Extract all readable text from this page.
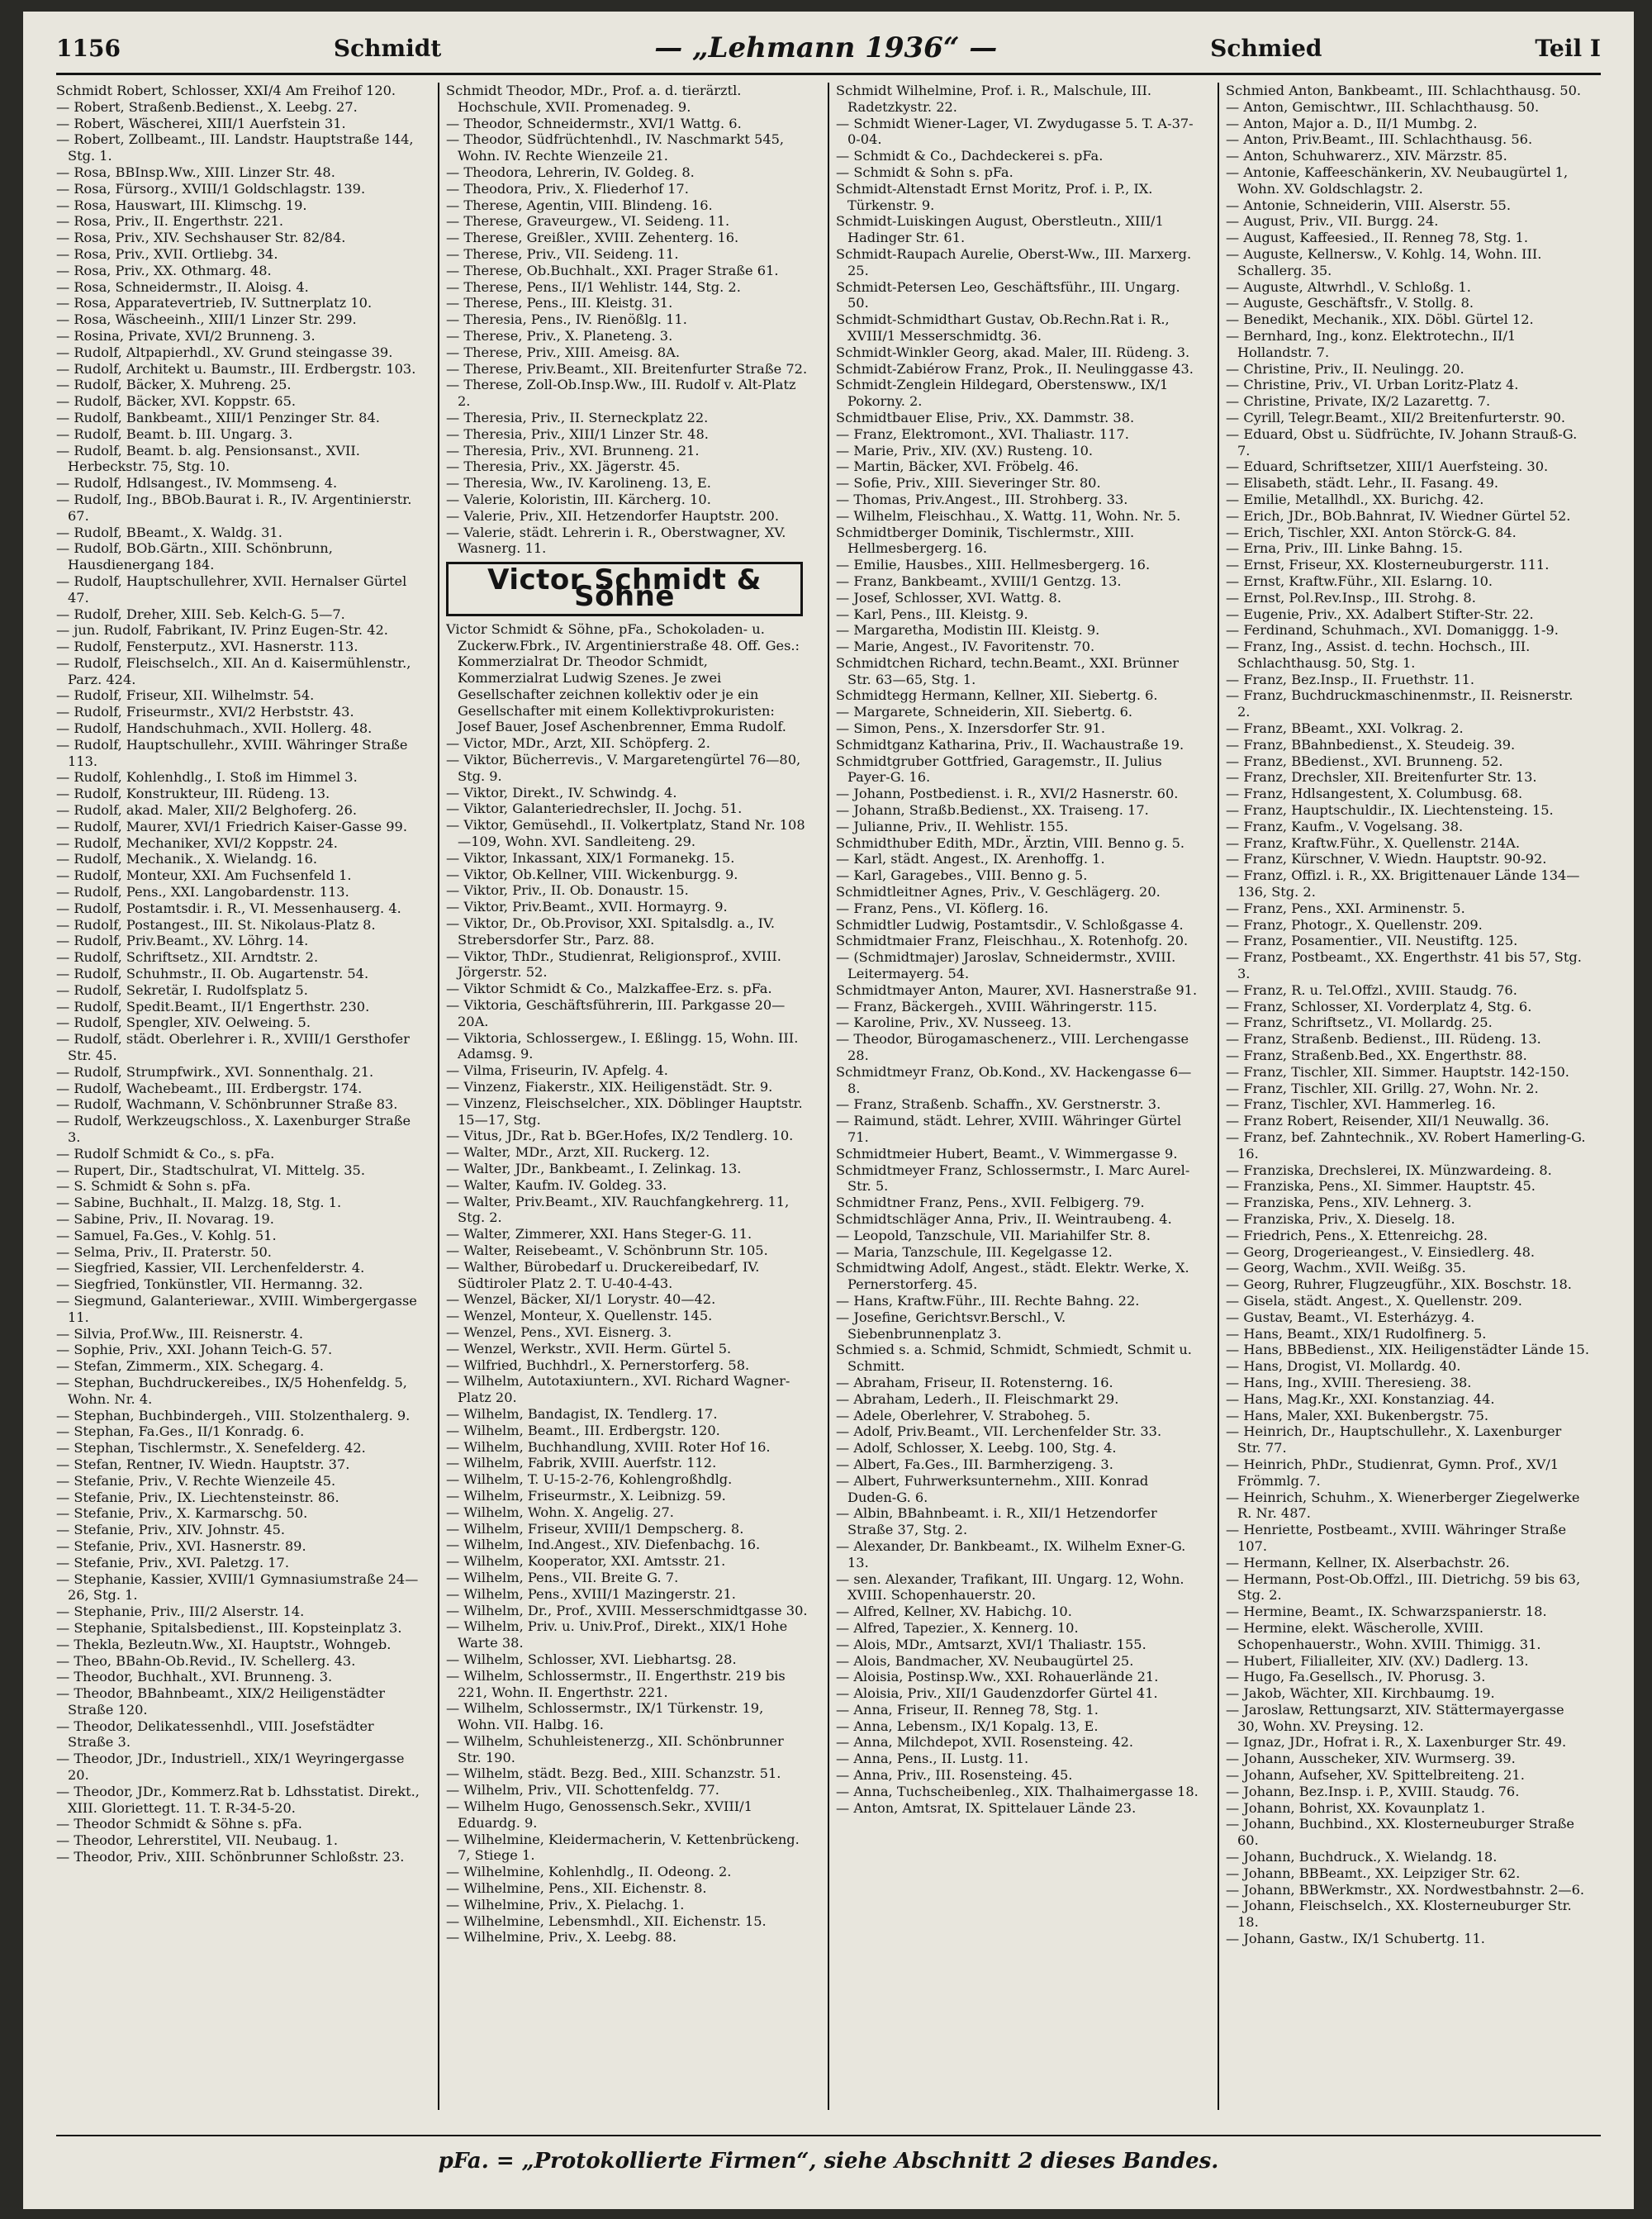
1156	Schmidt	— „Lehmann 1936“ —	Schmied	Teil I

Schmidt Robert, Schlosser, XXI/4 Am Freihof 120.

— Robert, Straßenb.Bedienst., X. Leebg. 27.

— Robert, Wäscherei, XIII/1 Auerfstein 31.

— Robert, Zollbeamt., III. Landstr. Hauptstraße 144, Stg. 1.

— Rosa, BBInsp.Ww., XIII. Linzer Str. 48.

— Rosa, Fürsorg., XVIII/1 Goldschlagstr. 139.

— Rosa, Hauswart, III. Klimschg. 19.

— Rosa, Priv., II. Engerthstr. 221.

— Rosa, Priv., XIV. Sechshauser Str. 82/84.

— Rosa, Priv., XVII. Ortliebg. 34.

— Rosa, Priv., XX. Othmarg. 48.

— Rosa, Schneidermstr., II. Aloisg. 4.

— Rosa, Apparatevertrieb, IV. Suttnerplatz 10.

— Rosa, Wäscheeinh., XIII/1 Linzer Str. 299.

— Rosina, Private, XVI/2 Brunneng. 3.

— Rudolf, Altpapierhdl., XV. Grund steingasse 39.

— Rudolf, Architekt u. Baumstr., III. Erdbergstr. 103.

— Rudolf, Bäcker, X. Muhreng. 25.

— Rudolf, Bäcker, XVI. Koppstr. 65.

— Rudolf, Bankbeamt., XIII/1 Penzinger Str. 84.

— Rudolf, Beamt. b. III. Ungarg. 3.

— Rudolf, Beamt. b. alg. Pensionsanst., XVII. Herbeckstr. 75, Stg. 10.

— Rudolf, Hdlsangest., IV. Mommseng. 4.

— Rudolf, Ing., BBOb.Baurat i. R., IV. Argentinierstr. 67.

— Rudolf, BBeamt., X. Waldg. 31.

— Rudolf, BOb.Gärtn., XIII. Schönbrunn, Hausdienergang 184.

— Rudolf, Hauptschullehrer, XVII. Hernalser Gürtel 47.

— Rudolf, Dreher, XIII. Seb. Kelch-G. 5—7.

— jun. Rudolf, Fabrikant, IV. Prinz Eugen-Str. 42.

— Rudolf, Fensterputz., XVI. Hasnerstr. 113.

— Rudolf, Fleischselch., XII. An d. Kaisermühlenstr., Parz. 424.

— Rudolf, Friseur, XII. Wilhelmstr. 54.

— Rudolf, Friseurmstr., XVI/2 Herbststr. 43.

— Rudolf, Handschuhmach., XVII. Hollerg. 48.

— Rudolf, Hauptschullehr., XVIII. Währinger Straße 113.

— Rudolf, Kohlenhdlg., I. Stoß im Himmel 3.

— Rudolf, Konstrukteur, III. Rüdeng. 13.

— Rudolf, akad. Maler, XII/2 Belghoferg. 26.

— Rudolf, Maurer, XVI/1 Friedrich Kaiser-Gasse 99.

— Rudolf, Mechaniker, XVI/2 Koppstr. 24.

— Rudolf, Mechanik., X. Wielandg. 16.

— Rudolf, Monteur, XXI. Am Fuchsenfeld 1.

— Rudolf, Pens., XXI. Langobardenstr. 113.

— Rudolf, Postamtsdir. i. R., VI. Messenhauserg. 4.

— Rudolf, Postangest., III. St. Nikolaus-Platz 8.

— Rudolf, Priv.Beamt., XV. Löhrg. 14.

— Rudolf, Schriftsetz., XII. Arndtstr. 2.

— Rudolf, Schuhmstr., II. Ob. Augartenstr. 54.

— Rudolf, Sekretär, I. Rudolfsplatz 5.

— Rudolf, Spedit.Beamt., II/1 Engerthstr. 230.

— Rudolf, Spengler, XIV. Oelweing. 5.

— Rudolf, städt. Oberlehrer i. R., XVIII/1 Gersthofer Str. 45.

— Rudolf, Strumpfwirk., XVI. Sonnenthalg. 21.

— Rudolf, Wachebeamt., III. Erdbergstr. 174.

— Rudolf, Wachmann, V. Schönbrunner Straße 83.

— Rudolf, Werkzeugschloss., X. Laxenburger Straße 3.

— Rudolf Schmidt & Co., s. pFa.

— Rupert, Dir., Stadtschulrat, VI. Mittelg. 35.

— S. Schmidt & Sohn s. pFa.

— Sabine, Buchhalt., II. Malzg. 18, Stg. 1.

— Sabine, Priv., II. Novarag. 19.

— Samuel, Fa.Ges., V. Kohlg. 51.

— Selma, Priv., II. Praterstr. 50.

— Siegfried, Kassier, VII. Lerchenfelderstr. 4.

— Siegfried, Tonkünstler, VII. Hermanng. 32.

— Siegmund, Galanteriewar., XVIII. Wimbergergasse 11.

— Silvia, Prof.Ww., III. Reisnerstr. 4.

— Sophie, Priv., XXI. Johann Teich-G. 57.

— Stefan, Zimmerm., XIX. Schegarg. 4.

— Stephan, Buchdruckereibes., IX/5 Hohenfeldg. 5, Wohn. Nr. 4.

— Stephan, Buchbindergeh., VIII. Stolzenthalerg. 9.

— Stephan, Fa.Ges., II/1 Konradg. 6.

— Stephan, Tischlermstr., X. Senefelderg. 42.

— Stefan, Rentner, IV. Wiedn. Hauptstr. 37.

— Stefanie, Priv., V. Rechte Wienzeile 45.

— Stefanie, Priv., IX. Liechtensteinstr. 86.

— Stefanie, Priv., X. Karmarschg. 50.

— Stefanie, Priv., XIV. Johnstr. 45.

— Stefanie, Priv., XVI. Hasnerstr. 89.

— Stefanie, Priv., XVI. Paletzg. 17.

— Stephanie, Kassier, XVIII/1 Gymnasiumstraße 24—26, Stg. 1.

— Stephanie, Priv., III/2 Alserstr. 14.

— Stephanie, Spitalsbedienst., III. Kopsteinplatz 3.

— Thekla, Bezleutn.Ww., XI. Hauptstr., Wohngeb.

— Theo, BBahn-Ob.Revid., IV. Schellerg. 43.

— Theodor, Buchhalt., XVI. Brunneng. 3.

— Theodor, BBahnbeamt., XIX/2 Heiligenstädter Straße 120.

— Theodor, Delikatessenhdl., VIII. Josefstädter Straße 3.

— Theodor, JDr., Industriell., XIX/1 Weyringergasse 20.

— Theodor, JDr., Kommerz.Rat b. Ldhsstatist. Direkt., XIII. Gloriettegt. 11. T. R-34-5-20.

— Theodor Schmidt & Söhne s. pFa.

— Theodor, Lehrerstitel, VII. Neubaug. 1.

— Theodor, Priv., XIII. Schönbrunner Schloßstr. 23.

Schmidt Theodor, MDr., Prof. a. d. tierärztl. Hochschule, XVII. Promenadeg. 9.

— Theodor, Schneidermstr., XVI/1 Wattg. 6.

— Theodor, Südfrüchtenhdl., IV. Naschmarkt 545, Wohn. IV. Rechte Wienzeile 21.

— Theodora, Lehrerin, IV. Goldeg. 8.

— Theodora, Priv., X. Fliederhof 17.

— Therese, Agentin, VIII. Blindeng. 16.

— Therese, Graveurgew., VI. Seideng. 11.

— Therese, Greißler., XVIII. Zehenterg. 16.

— Therese, Priv., VII. Seideng. 11.

— Therese, Ob.Buchhalt., XXI. Prager Straße 61.

— Therese, Pens., II/1 Wehlistr. 144, Stg. 2.

— Therese, Pens., III. Kleistg. 31.

— Theresia, Pens., IV. Rienößlg. 11.

— Therese, Priv., X. Planeteng. 3.

— Therese, Priv., XIII. Ameisg. 8A.

— Therese, Priv.Beamt., XII. Breitenfurter Straße 72.

— Therese, Zoll-Ob.Insp.Ww., III. Rudolf v. Alt-Platz 2.

— Theresia, Priv., II. Sterneckplatz 22.

— Theresia, Priv., XIII/1 Linzer Str. 48.

— Theresia, Priv., XVI. Brunneng. 21.

— Theresia, Priv., XX. Jägerstr. 45.

— Theresia, Ww., IV. Karolineng. 13, E.

— Valerie, Koloristin, III. Kärcherg. 10.

— Valerie, Priv., XII. Hetzendorfer Hauptstr. 200.

— Valerie, städt. Lehrerin i. R., Oberstwagner, XV. Wasnerg. 11.

Victor Schmidt & Söhne

Victor Schmidt & Söhne, pFa., Schokoladen- u. Zuckerw.Fbrk., IV. Argentinierstraße 48. Off. Ges.: Kommerzialrat Dr. Theodor Schmidt, Kommerzialrat Ludwig Szenes. Je zwei Gesellschafter zeichnen kollektiv oder je ein Gesellschafter mit einem Kollektivprokuristen: Josef Bauer, Josef Aschenbrenner, Emma Rudolf.

— Victor, MDr., Arzt, XII. Schöpferg. 2.

— Viktor, Bücherrevis., V. Margaretengürtel 76—80, Stg. 9.

— Viktor, Direkt., IV. Schwindg. 4.

— Viktor, Galanteriedrechsler, II. Jochg. 51.

— Viktor, Gemüsehdl., II. Volkertplatz, Stand Nr. 108—109, Wohn. XVI. Sandleiteng. 29.

— Viktor, Inkassant, XIX/1 Formanekg. 15.

— Viktor, Ob.Kellner, VIII. Wickenburgg. 9.

— Viktor, Priv., II. Ob. Donaustr. 15.

— Viktor, Priv.Beamt., XVII. Hormayrg. 9.

— Viktor, Dr., Ob.Provisor, XXI. Spitalsdlg. a., IV. Strebersdorfer Str., Parz. 88.

— Viktor, ThDr., Studienrat, Religionsprof., XVIII. Jörgerstr. 52.

— Viktor Schmidt & Co., Malzkaffee-Erz. s. pFa.

— Viktoria, Geschäftsführerin, III. Parkgasse 20—20A.

— Viktoria, Schlossergew., I. Eßlingg. 15, Wohn. III. Adamsg. 9.

— Vilma, Friseurin, IV. Apfelg. 4.

— Vinzenz, Fiakerstr., XIX. Heiligenstädt. Str. 9.

— Vinzenz, Fleischselcher., XIX. Döblinger Hauptstr. 15—17, Stg.

— Vitus, JDr., Rat b. BGer.Hofes, IX/2 Tendlerg. 10.

— Walter, MDr., Arzt, XII. Ruckerg. 12.

— Walter, JDr., Bankbeamt., I. Zelinkag. 13.

— Walter, Kaufm. IV. Goldeg. 33.

— Walter, Priv.Beamt., XIV. Rauchfangkehrerg. 11, Stg. 2.

— Walter, Zimmerer, XXI. Hans Steger-G. 11.

— Walter, Reisebeamt., V. Schönbrunn Str. 105.

— Walther, Bürobedarf u. Druckereibedarf, IV. Südtiroler Platz 2. T. U-40-4-43.

— Wenzel, Bäcker, XI/1 Lorystr. 40—42.

— Wenzel, Monteur, X. Quellenstr. 145.

— Wenzel, Pens., XVI. Eisnerg. 3.

— Wenzel, Werkstr., XVII. Herm. Gürtel 5.

— Wilfried, Buchhdrl., X. Pernerstorferg. 58.

— Wilhelm, Autotaxiuntern., XVI. Richard Wagner-Platz 20.

— Wilhelm, Bandagist, IX. Tendlerg. 17.

— Wilhelm, Beamt., III. Erdbergstr. 120.

— Wilhelm, Buchhandlung, XVIII. Roter Hof 16.

— Wilhelm, Fabrik, XVIII. Auerfstr. 112.

— Wilhelm, T. U-15-2-76, Kohlengroßhdlg.

— Wilhelm, Friseurmstr., X. Leibnizg. 59.

— Wilhelm, Wohn. X. Angelig. 27.

— Wilhelm, Friseur, XVIII/1 Dempscherg. 8.

— Wilhelm, Ind.Angest., XIV. Diefenbachg. 16.

— Wilhelm, Kooperator, XXI. Amtsstr. 21.

— Wilhelm, Pens., VII. Breite G. 7.

— Wilhelm, Pens., XVIII/1 Mazingerstr. 21.

— Wilhelm, Dr., Prof., XVIII. Messerschmidtgasse 30.

— Wilhelm, Priv. u. Univ.Prof., Direkt., XIX/1 Hohe Warte 38.

— Wilhelm, Schlosser, XVI. Liebhartsg. 28.

— Wilhelm, Schlossermstr., II. Engerthstr. 219 bis 221, Wohn. II. Engerthstr. 221.

— Wilhelm, Schlossermstr., IX/1 Türkenstr. 19, Wohn. VII. Halbg. 16.

— Wilhelm, Schuhleistenerzg., XII. Schönbrunner Str. 190.

— Wilhelm, städt. Bezg. Bed., XIII. Schanzstr. 51.

— Wilhelm, Priv., VII. Schottenfeldg. 77.

— Wilhelm Hugo, Genossensch.Sekr., XVIII/1 Eduardg. 9.

— Wilhelmine, Kleidermacherin, V. Kettenbrückeng. 7, Stiege 1.

— Wilhelmine, Kohlenhdlg., II. Odeong. 2.

— Wilhelmine, Pens., XII. Eichenstr. 8.

— Wilhelmine, Priv., X. Pielachg. 1.

— Wilhelmine, Lebensmhdl., XII. Eichenstr. 15.

— Wilhelmine, Priv., X. Leebg. 88.

Schmidt Wilhelmine, Prof. i. R., Malschule, III. Radetzkystr. 22.

— Schmidt Wiener-Lager, VI. Zwydugasse 5. T. A-37-0-04.

— Schmidt & Co., Dachdeckerei s. pFa.

— Schmidt & Sohn s. pFa.

Schmidt-Altenstadt Ernst Moritz, Prof. i. P., IX. Türkenstr. 9.

Schmidt-Luiskingen August, Oberstleutn., XIII/1 Hadinger Str. 61.

Schmidt-Raupach Aurelie, Oberst-Ww., III. Marxerg. 25.

Schmidt-Petersen Leo, Geschäftsführ., III. Ungarg. 50.

Schmidt-Schmidthart Gustav, Ob.Rechn.Rat i. R., XVIII/1 Messerschmidtg. 36.

Schmidt-Winkler Georg, akad. Maler, III. Rüdeng. 3.

Schmidt-Zabiérow Franz, Prok., II. Neulinggasse 43.

Schmidt-Zenglein Hildegard, Oberstensww., IX/1 Pokorny. 2.

Schmidtbauer Elise, Priv., XX. Dammstr. 38.

— Franz, Elektromont., XVI. Thaliastr. 117.

— Marie, Priv., XIV. (XV.) Rusteng. 10.

— Martin, Bäcker, XVI. Fröbelg. 46.

— Sofie, Priv., XIII. Sieveringer Str. 80.

— Thomas, Priv.Angest., III. Strohberg. 33.

— Wilhelm, Fleischhau., X. Wattg. 11, Wohn. Nr. 5.

Schmidtberger Dominik, Tischlermstr., XIII. Hellmesbergerg. 16.

— Emilie, Hausbes., XIII. Hellmesbergerg. 16.

— Franz, Bankbeamt., XVIII/1 Gentzg. 13.

— Josef, Schlosser, XVI. Wattg. 8.

— Karl, Pens., III. Kleistg. 9.

— Margaretha, Modistin III. Kleistg. 9.

— Marie, Angest., IV. Favoritenstr. 70.

Schmidtchen Richard, techn.Beamt., XXI. Brünner Str. 63—65, Stg. 1.

Schmidtegg Hermann, Kellner, XII. Siebertg. 6.

— Margarete, Schneiderin, XII. Siebertg. 6.

— Simon, Pens., X. Inzersdorfer Str. 91.

Schmidtganz Katharina, Priv., II. Wachaustraße 19.

Schmidtgruber Gottfried, Garagemstr., II. Julius Payer-G. 16.

— Johann, Postbedienst. i. R., XVI/2 Hasnerstr. 60.

— Johann, Straßb.Bedienst., XX. Traiseng. 17.

— Julianne, Priv., II. Wehlistr. 155.

Schmidthuber Edith, MDr., Ärztin, VIII. Benno g. 5.

— Karl, städt. Angest., IX. Arenhoffg. 1.

— Karl, Garagebes., VIII. Benno g. 5.

Schmidtleitner Agnes, Priv., V. Geschlägerg. 20.

— Franz, Pens., VI. Köflerg. 16.

Schmidtler Ludwig, Postamtsdir., V. Schloßgasse 4.

Schmidtmaier Franz, Fleischhau., X. Rotenhofg. 20.

— (Schmidtmajer) Jaroslav, Schneidermstr., XVIII. Leitermayerg. 54.

Schmidtmayer Anton, Maurer, XVI. Hasnerstraße 91.

— Franz, Bäckergeh., XVIII. Währingerstr. 115.

— Karoline, Priv., XV. Nusseeg. 13.

— Theodor, Bürogamaschenerz., VIII. Lerchengasse 28.

Schmidtmeyr Franz, Ob.Kond., XV. Hackengasse 6—8.

— Franz, Straßenb. Schaffn., XV. Gerstnerstr. 3.

— Raimund, städt. Lehrer, XVIII. Währinger Gürtel 71.

Schmidtmeier Hubert, Beamt., V. Wimmergasse 9.

Schmidtmeyer Franz, Schlossermstr., I. Marc Aurel-Str. 5.

Schmidtner Franz, Pens., XVII. Felbigerg. 79.

Schmidtschläger Anna, Priv., II. Weintraubeng. 4.

— Leopold, Tanzschule, VII. Mariahilfer Str. 8.

— Maria, Tanzschule, III. Kegelgasse 12.

Schmidtwing Adolf, Angest., städt. Elektr. Werke, X. Pernerstorferg. 45.

— Hans, Kraftw.Führ., III. Rechte Bahng. 22.

— Josefine, Gerichtsvr.Berschl., V. Siebenbrunnenplatz 3.

Schmied s. a. Schmid, Schmidt, Schmiedt, Schmit u. Schmitt.

— Abraham, Friseur, II. Rotensterng. 16.

— Abraham, Lederh., II. Fleischmarkt 29.

— Adele, Oberlehrer, V. Straboheg. 5.

— Adolf, Priv.Beamt., VII. Lerchenfelder Str. 33.

— Adolf, Schlosser, X. Leebg. 100, Stg. 4.

— Albert, Fa.Ges., III. Barmherzigeng. 3.

— Albert, Fuhrwerksunternehm., XIII. Konrad Duden-G. 6.

— Albin, BBahnbeamt. i. R., XII/1 Hetzendorfer Straße 37, Stg. 2.

— Alexander, Dr. Bankbeamt., IX. Wilhelm Exner-G. 13.

— sen. Alexander, Trafikant, III. Ungarg. 12, Wohn. XVIII. Schopenhauerstr. 20.

— Alfred, Kellner, XV. Habichg. 10.

— Alfred, Tapezier., X. Kennerg. 10.

— Alois, MDr., Amtsarzt, XVI/1 Thaliastr. 155.

— Alois, Bandmacher, XV. Neubaugürtel 25.

— Aloisia, Postinsp.Ww., XXI. Rohauerlände 21.

— Aloisia, Priv., XII/1 Gaudenzdorfer Gürtel 41.

— Anna, Friseur, II. Renneg 78, Stg. 1.

— Anna, Lebensm., IX/1 Kopalg. 13, E.

— Anna, Milchdepot, XVII. Rosensteing. 42.

— Anna, Pens., II. Lustg. 11.

— Anna, Priv., III. Rosensteing. 45.

— Anna, Tuchscheibenleg., XIX. Thalhaimergasse 18.

— Anton, Amtsrat, IX. Spittelauer Lände 23.

Schmied Anton, Bankbeamt., III. Schlachthausg. 50.

— Anton, Gemischtwr., III. Schlachthausg. 50.

— Anton, Major a. D., II/1 Mumbg. 2.

— Anton, Priv.Beamt., III. Schlachthausg. 56.

— Anton, Schuhwarerz., XIV. Märzstr. 85.

— Antonie, Kaffeeschänkerin, XV. Neubaugürtel 1, Wohn. XV. Goldschlagstr. 2.

— Antonie, Schneiderin, VIII. Alserstr. 55.

— August, Priv., VII. Burgg. 24.

— August, Kaffeesied., II. Renneg 78, Stg. 1.

— Auguste, Kellnersw., V. Kohlg. 14, Wohn. III. Schallerg. 35.

— Auguste, Altwrhdl., V. Schloßg. 1.

— Auguste, Geschäftsfr., V. Stollg. 8.

— Benedikt, Mechanik., XIX. Döbl. Gürtel 12.

— Bernhard, Ing., konz. Elektrotechn., II/1 Hollandstr. 7.

— Christine, Priv., II. Neulingg. 20.

— Christine, Priv., VI. Urban Loritz-Platz 4.

— Christine, Private, IX/2 Lazarettg. 7.

— Cyrill, Telegr.Beamt., XII/2 Breitenfurterstr. 90.

— Eduard, Obst u. Südfrüchte, IV. Johann Strauß-G. 7.

— Eduard, Schriftsetzer, XIII/1 Auerfsteing. 30.

— Elisabeth, städt. Lehr., II. Fasang. 49.

— Emilie, Metallhdl., XX. Burichg. 42.

— Erich, JDr., BOb.Bahnrat, IV. Wiedner Gürtel 52.

— Erich, Tischler, XXI. Anton Störck-G. 84.

— Erna, Priv., III. Linke Bahng. 15.

— Ernst, Friseur, XX. Klosterneuburgerstr. 111.

— Ernst, Kraftw.Führ., XII. Eslarng. 10.

— Ernst, Pol.Rev.Insp., III. Strohg. 8.

— Eugenie, Priv., XX. Adalbert Stifter-Str. 22.

— Ferdinand, Schuhmach., XVI. Domaniggg. 1-9.

— Franz, Ing., Assist. d. techn. Hochsch., III. Schlachthausg. 50, Stg. 1.

— Franz, Bez.Insp., II. Fruethstr. 11.

— Franz, Buchdruckmaschinenmstr., II. Reisnerstr. 2.

— Franz, BBeamt., XXI. Volkrag. 2.

— Franz, BBahnbedienst., X. Steudeig. 39.

— Franz, BBedienst., XVI. Brunneng. 52.

— Franz, Drechsler, XII. Breitenfurter Str. 13.

— Franz, Hdlsangestent, X. Columbusg. 68.

— Franz, Hauptschuldir., IX. Liechtensteing. 15.

— Franz, Kaufm., V. Vogelsang. 38.

— Franz, Kraftw.Führ., X. Quellenstr. 214A.

— Franz, Kürschner, V. Wiedn. Hauptstr. 90-92.

— Franz, Offizl. i. R., XX. Brigittenauer Lände 134—136, Stg. 2.

— Franz, Pens., XXI. Arminenstr. 5.

— Franz, Photogr., X. Quellenstr. 209.

— Franz, Posamentier., VII. Neustiftg. 125.

— Franz, Postbeamt., XX. Engerthstr. 41 bis 57, Stg. 3.

— Franz, R. u. Tel.Offzl., XVIII. Staudg. 76.

— Franz, Schlosser, XI. Vorderplatz 4, Stg. 6.

— Franz, Schriftsetz., VI. Mollardg. 25.

— Franz, Straßenb. Bedienst., III. Rüdeng. 13.

— Franz, Straßenb.Bed., XX. Engerthstr. 88.

— Franz, Tischler, XII. Simmer. Hauptstr. 142-150.

— Franz, Tischler, XII. Grillg. 27, Wohn. Nr. 2.

— Franz, Tischler, XVI. Hammerleg. 16.

— Franz Robert, Reisender, XII/1 Neuwallg. 36.

— Franz, bef. Zahntechnik., XV. Robert Hamerling-G. 16.

— Franziska, Drechslerei, IX. Münzwardeing. 8.

— Franziska, Pens., XI. Simmer. Hauptstr. 45.

— Franziska, Pens., XIV. Lehnerg. 3.

— Franziska, Priv., X. Dieselg. 18.

— Friedrich, Pens., X. Ettenreichg. 28.

— Georg, Drogerieangest., V. Einsiedlerg. 48.

— Georg, Wachm., XVII. Weißg. 35.

— Georg, Ruhrer, Flugzeugführ., XIX. Boschstr. 18.

— Gisela, städt. Angest., X. Quellenstr. 209.

— Gustav, Beamt., VI. Esterházyg. 4.

— Hans, Beamt., XIX/1 Rudolfinerg. 5.

— Hans, BBBedienst., XIX. Heiligenstädter Lände 15.

— Hans, Drogist, VI. Mollardg. 40.

— Hans, Ing., XVIII. Theresieng. 38.

— Hans, Mag.Kr., XXI. Konstanziag. 44.

— Hans, Maler, XXI. Bukenbergstr. 75.

— Heinrich, Dr., Hauptschullehr., X. Laxenburger Str. 77.

— Heinrich, PhDr., Studienrat, Gymn. Prof., XV/1 Frömmlg. 7.

— Heinrich, Schuhm., X. Wienerberger Ziegelwerke R. Nr. 487.

— Henriette, Postbeamt., XVIII. Währinger Straße 107.

— Hermann, Kellner, IX. Alserbachstr. 26.

— Hermann, Post-Ob.Offzl., III. Dietrichg. 59 bis 63, Stg. 2.

— Hermine, Beamt., IX. Schwarzspanierstr. 18.

— Hermine, elekt. Wäscherolle, XVIII. Schopenhauerstr., Wohn. XVIII. Thimigg. 31.

— Hubert, Filialleiter, XIV. (XV.) Dadlerg. 13.

— Hugo, Fa.Gesellsch., IV. Phorusg. 3.

— Jakob, Wächter, XII. Kirchbaumg. 19.

— Jaroslaw, Rettungsarzt, XIV. Stättermayergasse 30, Wohn. XV. Preysing. 12.

— Ignaz, JDr., Hofrat i. R., X. Laxenburger Str. 49.

— Johann, Ausscheker, XIV. Wurmserg. 39.

— Johann, Aufseher, XV. Spittelbreiteng. 21.

— Johann, Bez.Insp. i. P., XVIII. Staudg. 76.

— Johann, Bohrist, XX. Kovaunplatz 1.

— Johann, Buchbind., XX. Klosterneuburger Straße 60.

— Johann, Buchdruck., X. Wielandg. 18.

— Johann, BBBeamt., XX. Leipziger Str. 62.

— Johann, BBWerkmstr., XX. Nordwestbahnstr. 2—6.

— Johann, Fleischselch., XX. Klosterneuburger Str. 18.

— Johann, Gastw., IX/1 Schubertg. 11.

pFa. = „Protokollierte Firmen“, siehe Abschnitt 2 dieses Bandes.
